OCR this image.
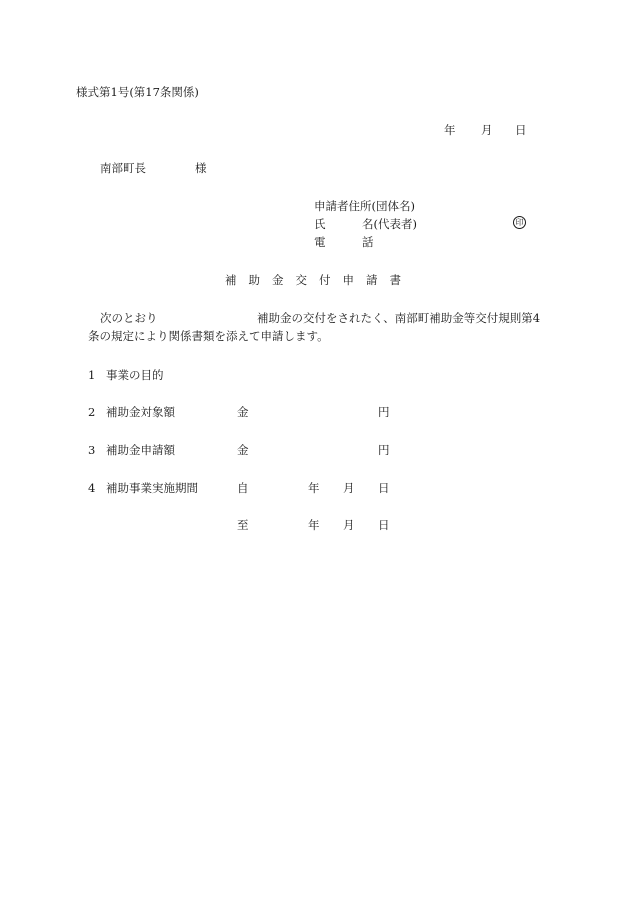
様式第1号(第17条関係)
年 月 日
南部町長	様
申請者住所(団体名)
氏	名(代表者)	印
電	話
補助金交付申請書
次のとおり	補助金の交付をされたく、南部町補助金等交付規則第4
条の規定により関係書類を添えて申請します。
1 事業の目的
2 補助金対象額	金	円
3 補助金申請額	金	円
4 補助事業実施期間	自	年 月 日
至	年 月 日
